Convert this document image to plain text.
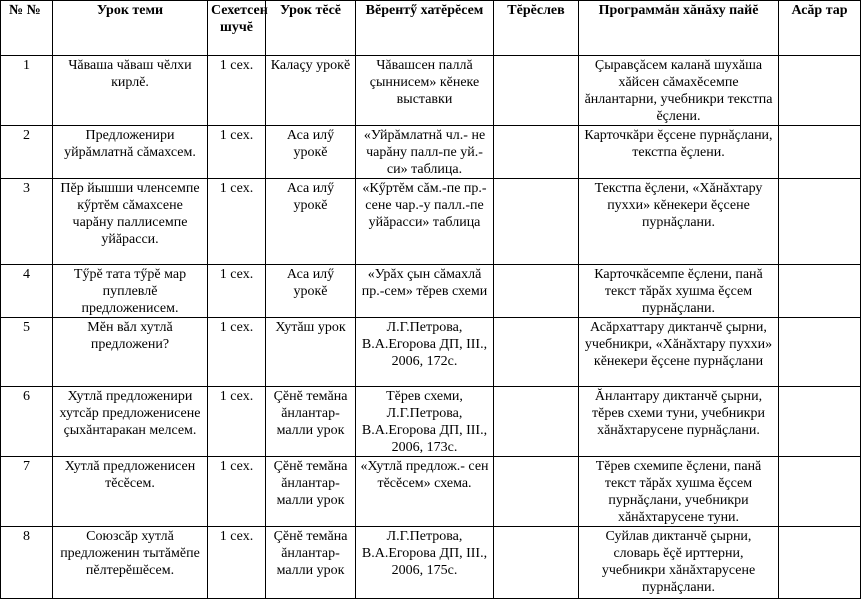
№ №	Урок теми	Сехетсен шучĕ	Урок тĕсĕ	Вĕрентӳ хатĕрĕсем	Тĕрĕслев	Программăн хăнăху пайĕ	Асăр тар
1	Чăваша чăваш чĕлхи кирлĕ.	1 сех.	Калаçу урокĕ	Чăвашсен паллă çыннисем» кĕнеке выставки		Çыравçăсем каланă шухăша хăйсен сăмахĕсемпе ăнлантарни, учебникри текстпа ĕçлени.	
2	Предложенири уйрăмлатнă сăмахсем.	1 сех.	Аса илӳ урокĕ	«Уйрăмлатнă чл.- не чарăну палл-пе уй.-си» таблица.		Карточкăри ĕçсене пурнăçлани, текстпа ĕçлени.	
3	Пĕр йышши членсемпе кӳртĕм сăмахсене чарăну паллисемпе уйăрасси.	1 сех.	Аса илӳ урокĕ	«Кӳртĕм сăм.-пе пр.-сене чар.-у палл.-пе уйăрасси» таблица		Текстпа ĕçлени, «Хăнăхтару пуххи» кĕнекери ĕçсене пурнăçлани.	
4	Тӳрĕ тата тӳрĕ мар пуплевлĕ предложенисем.	1 сех.	Аса илӳ урокĕ	«Урăх çын сăмахлă пр.-сем» тĕрев схеми		Карточкăсемпе ĕçлени, панă текст тăрăх хушма ĕçсем пурнăçлани.	
5	Мĕн вăл хутлă предложени?	1 сех.	Хутăш урок	Л.Г.Петрова, В.А.Егорова ДП, III., 2006, 172с.		Асăрхаттару диктанчĕ çырни, учебникри, «Хăнăхтару пуххи» кĕнекери ĕçсене пурнăçлани	
6	Хутлă предложенири хутсăр предложенисене çыхăнтаракан мелсем.	1 сех.	Çĕнĕ темăна ăнлантар-малли урок	Тĕрев схеми, Л.Г.Петрова, В.А.Егорова ДП, III., 2006, 173с.		Ăнлантару диктанчĕ çырни, тĕрев схеми туни, учебникри хăнăхтарусене пурнăçлани.	
7	Хутлă предложенисен тĕсĕсем.	1 сех.	Çĕнĕ темăна ăнлантар-малли урок	«Хутлă предлож.- сен тĕсĕсем» схема.		Тĕрев схемипе ĕçлени, панă текст тăрăх хушма ĕçсем пурнăçлани, учебникри хăнăхтарусене туни.	
8	Союзсăр хутлă предложенин тытăмĕпе пĕлтерĕшĕсем.	1 сех.	Çĕнĕ темăна ăнлантар-малли урок	Л.Г.Петрова, В.А.Егорова ДП, III., 2006, 175с.		Суйлав диктанчĕ çырни, словарь ĕçĕ ирттерни, учебникри хăнăхтарусене пурнăçлани.	
